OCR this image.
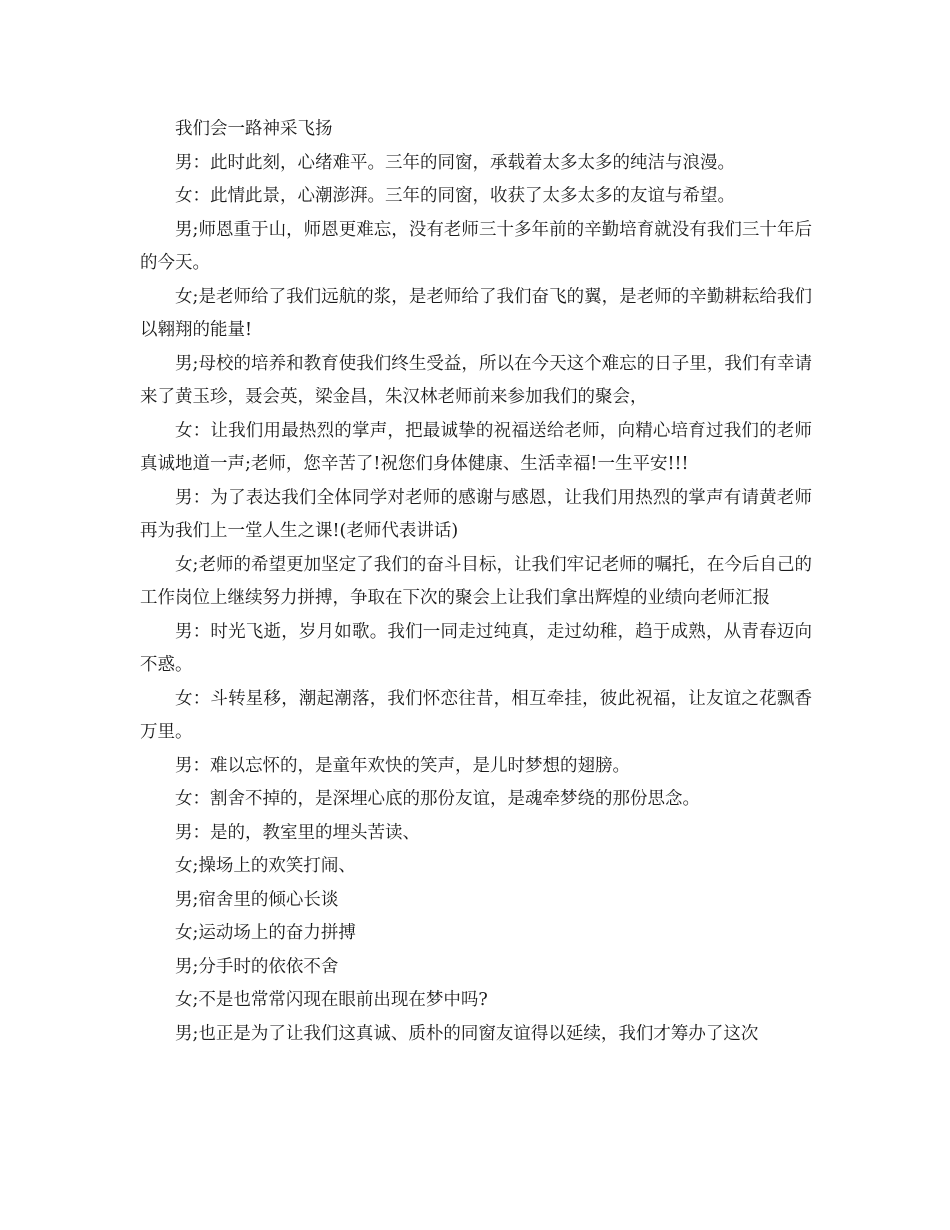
我们会一路神采飞扬

男：此时此刻，心绪难平。三年的同窗，承载着太多太多的纯洁与浪漫。

女：此情此景，心潮澎湃。三年的同窗，收获了太多太多的友谊与希望。

男;师恩重于山，师恩更难忘，没有老师三十多年前的辛勤培育就没有我们三十年后的今天。

女;是老师给了我们远航的浆，是老师给了我们奋飞的翼，是老师的辛勤耕耘给我们以翱翔的能量!

男;母校的培养和教育使我们终生受益，所以在今天这个难忘的日子里，我们有幸请来了黄玉珍，聂会英，梁金昌，朱汉林老师前来参加我们的聚会，

女：让我们用最热烈的掌声，把最诚挚的祝福送给老师，向精心培育过我们的老师真诚地道一声;老师，您辛苦了!祝您们身体健康、生活幸福!一生平安!!!

男：为了表达我们全体同学对老师的感谢与感恩，让我们用热烈的掌声有请黄老师再为我们上一堂人生之课!(老师代表讲话)

女;老师的希望更加坚定了我们的奋斗目标，让我们牢记老师的嘱托，在今后自己的工作岗位上继续努力拼搏，争取在下次的聚会上让我们拿出辉煌的业绩向老师汇报

男：时光飞逝，岁月如歌。我们一同走过纯真，走过幼稚，趋于成熟，从青春迈向不惑。

女：斗转星移，潮起潮落，我们怀恋往昔，相互牵挂，彼此祝福，让友谊之花飘香万里。

男：难以忘怀的，是童年欢快的笑声，是儿时梦想的翅膀。

女：割舍不掉的，是深埋心底的那份友谊，是魂牵梦绕的那份思念。

男：是的，教室里的埋头苦读、

女;操场上的欢笑打闹、

男;宿舍里的倾心长谈

女;运动场上的奋力拼搏

男;分手时的依依不舍

女;不是也常常闪现在眼前出现在梦中吗?

男;也正是为了让我们这真诚、质朴的同窗友谊得以延续，我们才筹办了这次
